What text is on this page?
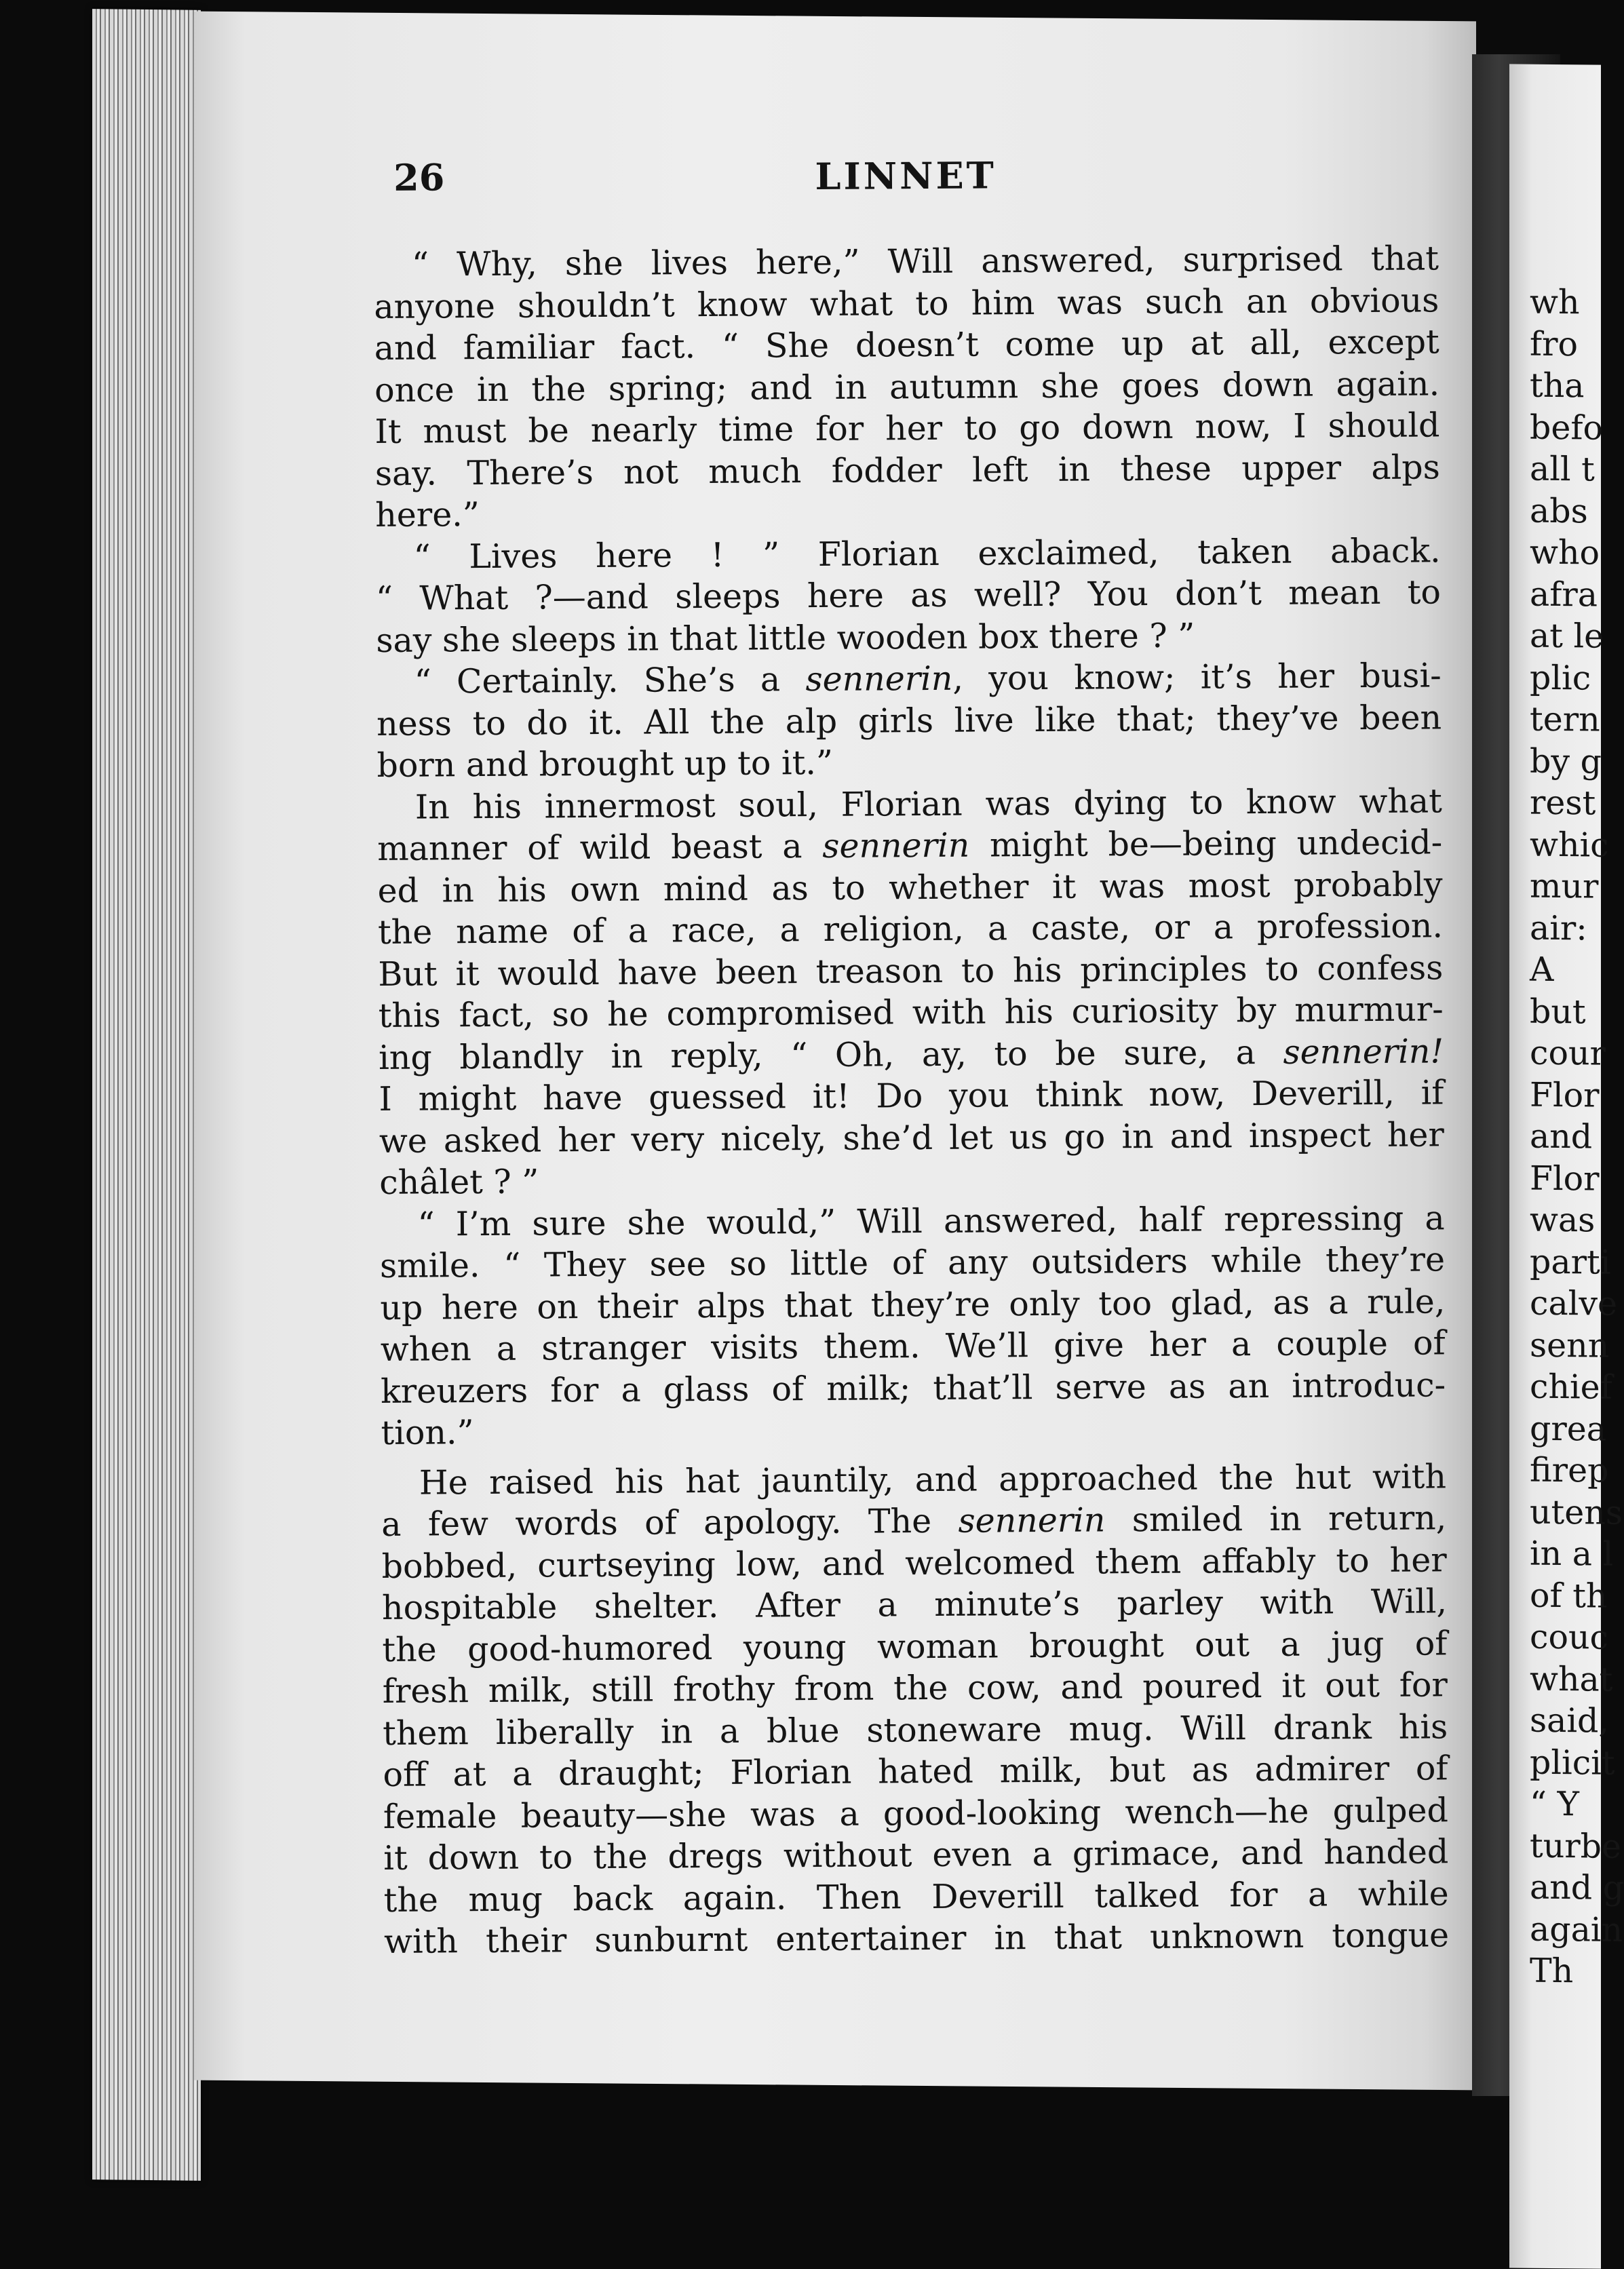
wh
fro
tha
befo
all t
abs
who
afra
at le
plic
tern
by g
rest
whic
mur
air:
A
but
cour
Flor
and
Flor
was
parti
calve
senn
chief
grea
firep
utens
in a l
of th
couc
what
said,
plicit
“ Y
turbe
and g
again
Th
26	LINNET
“ Why, she lives here,” Will answered, surprised that
anyone shouldn’t know what to him was such an obvious
and familiar fact. “ She doesn’t come up at all, except
once in the spring; and in autumn she goes down again.
It must be nearly time for her to go down now, I should
say. There’s not much fodder left in these upper alps
here.”
“ Lives here ! ” Florian exclaimed, taken aback.
“ What ?—and sleeps here as well? You don’t mean to
say she sleeps in that little wooden box there ? ”
“ Certainly. She’s a sennerin, you know; it’s her busi-
ness to do it. All the alp girls live like that; they’ve been
born and brought up to it.”
In his innermost soul, Florian was dying to know what
manner of wild beast a sennerin might be—being undecid-
ed in his own mind as to whether it was most probably
the name of a race, a religion, a caste, or a profession.
But it would have been treason to his principles to confess
this fact, so he compromised with his curiosity by murmur-
ing blandly in reply, “ Oh, ay, to be sure, a sennerin!
I might have guessed it! Do you think now, Deverill, if
we asked her very nicely, she’d let us go in and inspect her
châlet ? ”
“ I’m sure she would,” Will answered, half repressing a
smile. “ They see so little of any outsiders while they’re
up here on their alps that they’re only too glad, as a rule,
when a stranger visits them. We’ll give her a couple of
kreuzers for a glass of milk; that’ll serve as an introduc-
tion.”
He raised his hat jauntily, and approached the hut with
a few words of apology. The sennerin smiled in return,
bobbed, curtseying low, and welcomed them affably to her
hospitable shelter. After a minute’s parley with Will,
the good-humored young woman brought out a jug of
fresh milk, still frothy from the cow, and poured it out for
them liberally in a blue stoneware mug. Will drank his
off at a draught; Florian hated milk, but as admirer of
female beauty—she was a good-looking wench—he gulped
it down to the dregs without even a grimace, and handed
the mug back again. Then Deverill talked for a while
with their sunburnt entertainer in that unknown tongue
